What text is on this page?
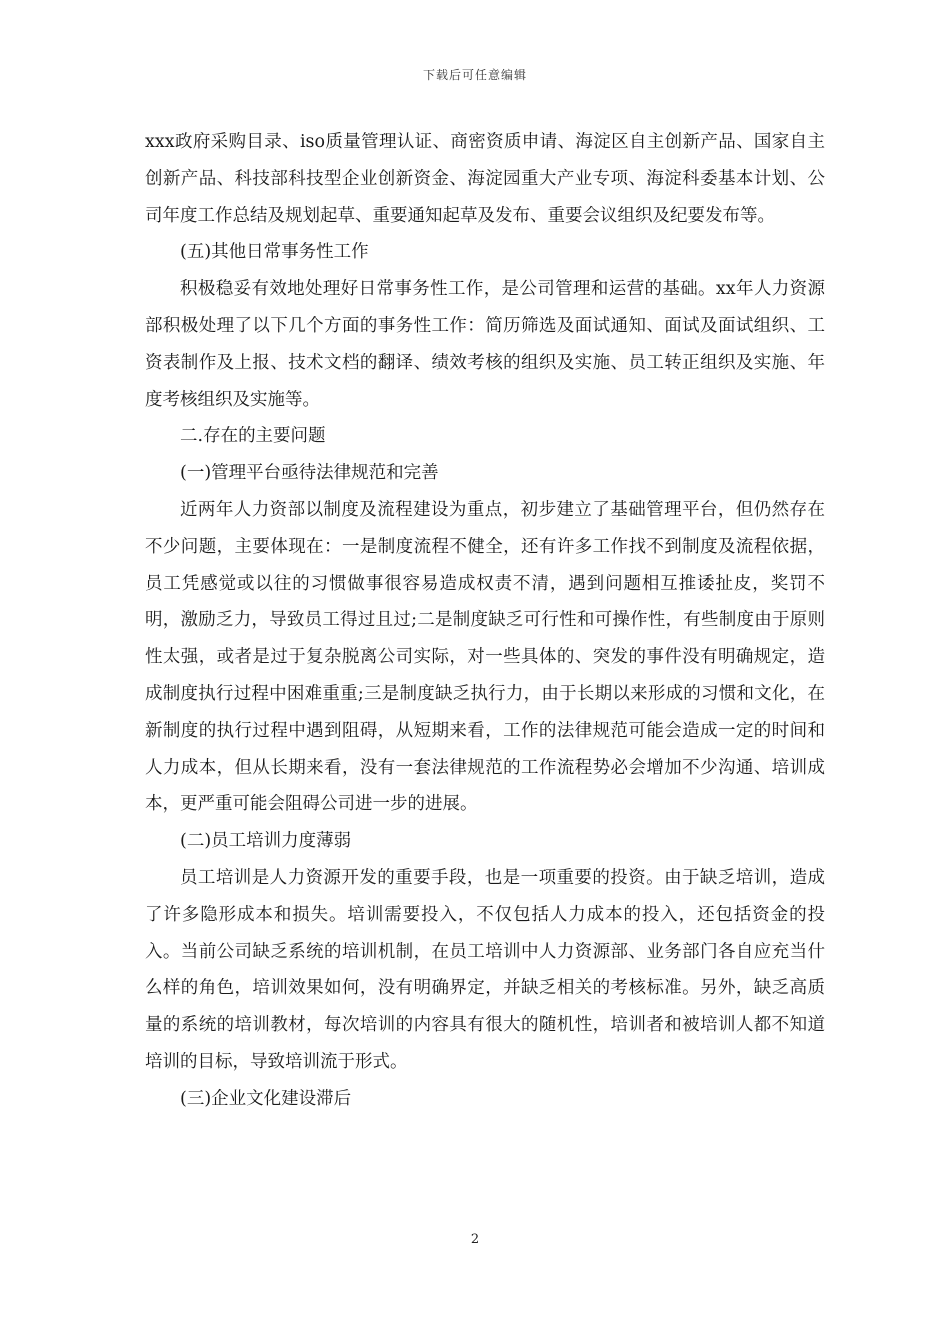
下载后可任意编辑

xxx政府采购目录、iso质量管理认证、商密资质申请、海淀区自主创新产品、国家自主创新产品、科技部科技型企业创新资金、海淀园重大产业专项、海淀科委基本计划、公司年度工作总结及规划起草、重要通知起草及发布、重要会议组织及纪要发布等。

(五)其他日常事务性工作

积极稳妥有效地处理好日常事务性工作，是公司管理和运营的基础。xx年人力资源部积极处理了以下几个方面的事务性工作：简历筛选及面试通知、面试及面试组织、工资表制作及上报、技术文档的翻译、绩效考核的组织及实施、员工转正组织及实施、年度考核组织及实施等。

二.存在的主要问题

(一)管理平台亟待法律规范和完善

近两年人力资部以制度及流程建设为重点，初步建立了基础管理平台，但仍然存在不少问题，主要体现在：一是制度流程不健全，还有许多工作找不到制度及流程依据，员工凭感觉或以往的习惯做事很容易造成权责不清，遇到问题相互推诿扯皮，奖罚不明，激励乏力，导致员工得过且过;二是制度缺乏可行性和可操作性，有些制度由于原则性太强，或者是过于复杂脱离公司实际，对一些具体的、突发的事件没有明确规定，造成制度执行过程中困难重重;三是制度缺乏执行力，由于长期以来形成的习惯和文化，在新制度的执行过程中遇到阻碍，从短期来看，工作的法律规范可能会造成一定的时间和人力成本，但从长期来看，没有一套法律规范的工作流程势必会增加不少沟通、培训成本，更严重可能会阻碍公司进一步的进展。

(二)员工培训力度薄弱

员工培训是人力资源开发的重要手段，也是一项重要的投资。由于缺乏培训，造成了许多隐形成本和损失。培训需要投入，不仅包括人力成本的投入，还包括资金的投入。当前公司缺乏系统的培训机制，在员工培训中人力资源部、业务部门各自应充当什么样的角色，培训效果如何，没有明确界定，并缺乏相关的考核标准。另外，缺乏高质量的系统的培训教材，每次培训的内容具有很大的随机性，培训者和被培训人都不知道培训的目标，导致培训流于形式。

(三)企业文化建设滞后

2
